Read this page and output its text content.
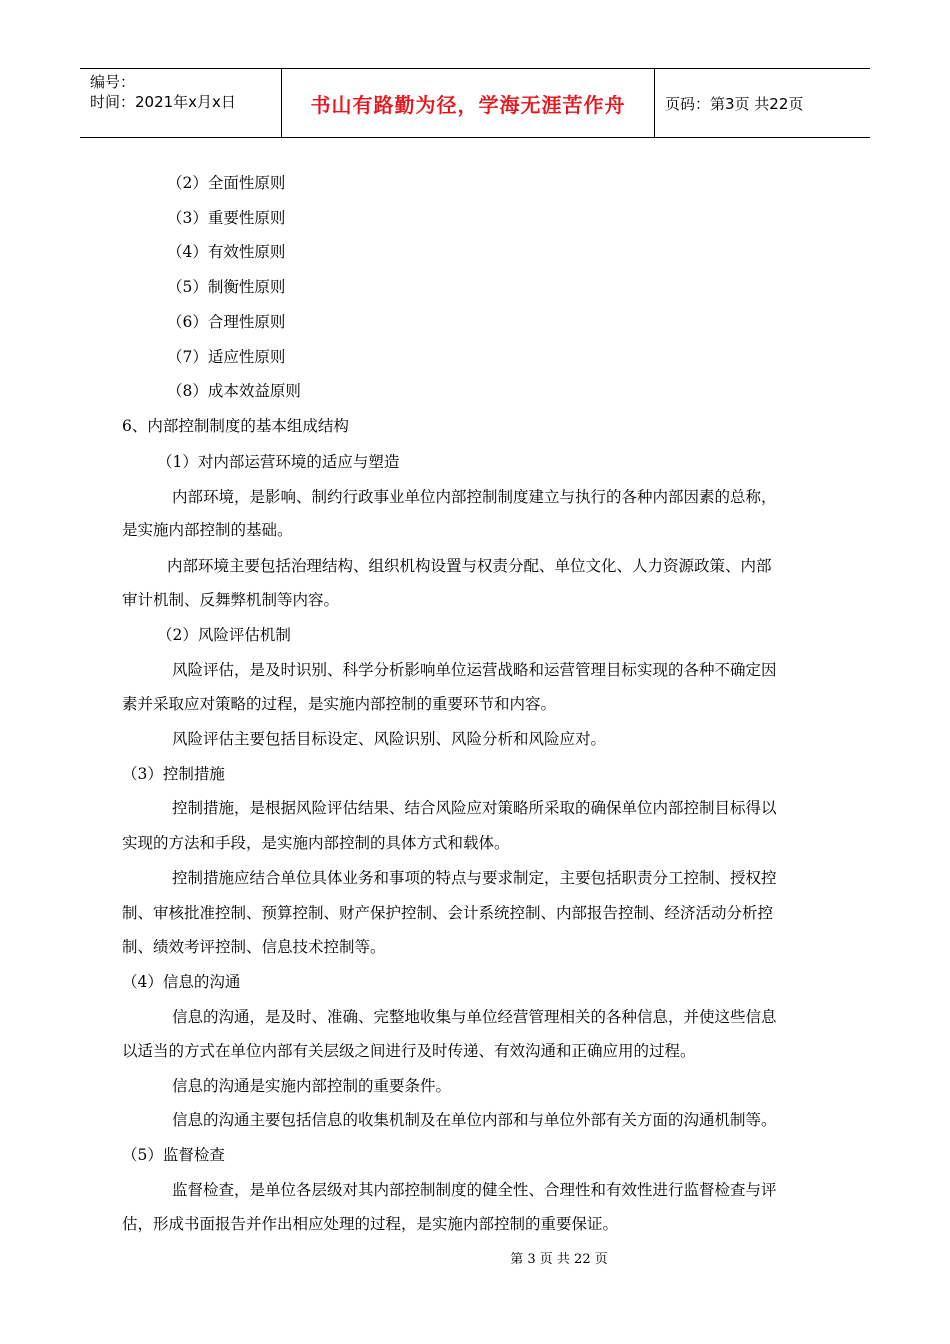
编号：
时间：2021年x月x日	书山有路勤为径，学海无涯苦作舟	页码：第3页 共22页
（2）全面性原则
（3）重要性原则
（4）有效性原则
（5）制衡性原则
（6）合理性原则
（7）适应性原则
（8）成本效益原则
6、内部控制制度的基本组成结构
（1）对内部运营环境的适应与塑造
内部环境，是影响、制约行政事业单位内部控制制度建立与执行的各种内部因素的总称，
是实施内部控制的基础。
内部环境主要包括治理结构、组织机构设置与权责分配、单位文化、人力资源政策、内部
审计机制、反舞弊机制等内容。
（2）风险评估机制
风险评估，是及时识别、科学分析影响单位运营战略和运营管理目标实现的各种不确定因
素并采取应对策略的过程，是实施内部控制的重要环节和内容。
风险评估主要包括目标设定、风险识别、风险分析和风险应对。
（3）控制措施
控制措施，是根据风险评估结果、结合风险应对策略所采取的确保单位内部控制目标得以
实现的方法和手段，是实施内部控制的具体方式和载体。
控制措施应结合单位具体业务和事项的特点与要求制定，主要包括职责分工控制、授权控
制、审核批准控制、预算控制、财产保护控制、会计系统控制、内部报告控制、经济活动分析控
制、绩效考评控制、信息技术控制等。
（4）信息的沟通
信息的沟通，是及时、准确、完整地收集与单位经营管理相关的各种信息，并使这些信息
以适当的方式在单位内部有关层级之间进行及时传递、有效沟通和正确应用的过程。
信息的沟通是实施内部控制的重要条件。
信息的沟通主要包括信息的收集机制及在单位内部和与单位外部有关方面的沟通机制等。
（5）监督检查
监督检查，是单位各层级对其内部控制制度的健全性、合理性和有效性进行监督检查与评
估，形成书面报告并作出相应处理的过程，是实施内部控制的重要保证。
第 3 页 共 22 页
